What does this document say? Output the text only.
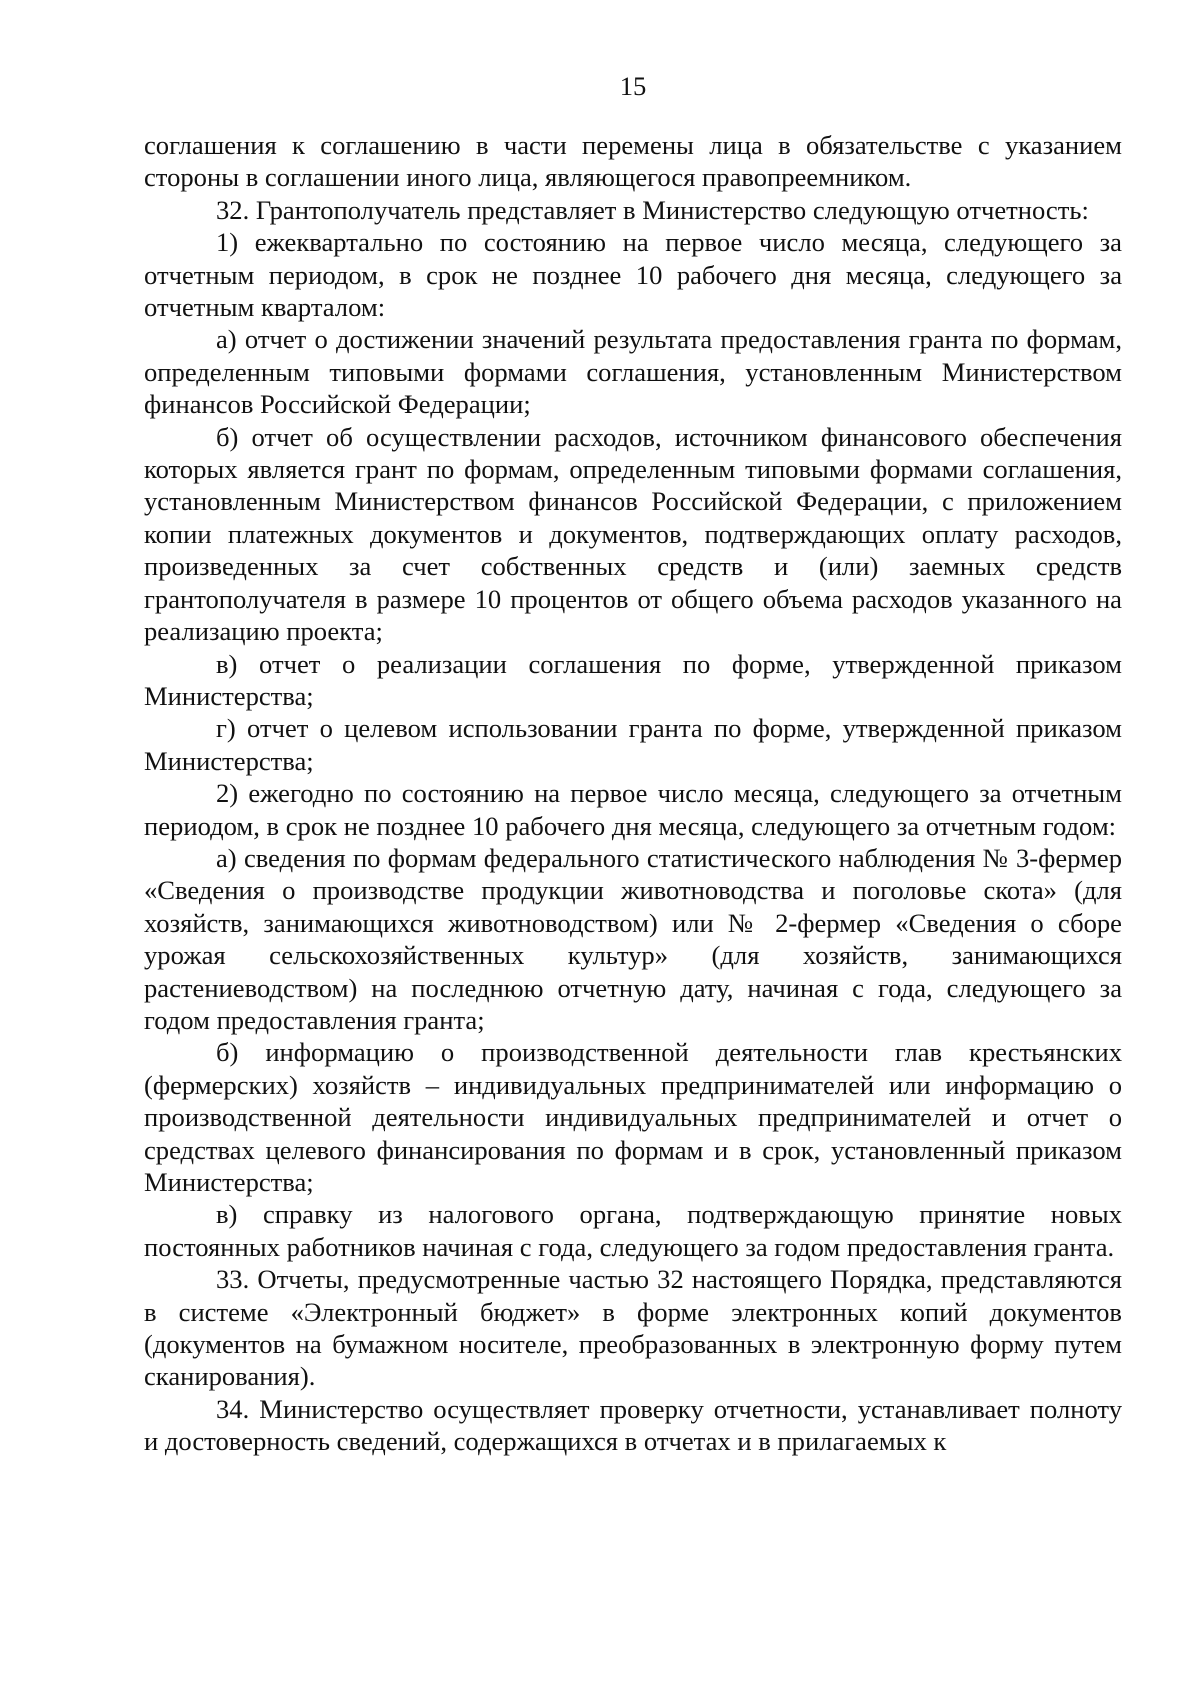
15

соглашения к соглашению в части перемены лица в обязательстве с указанием стороны в соглашении иного лица, являющегося правопреемником.

32. Грантополучатель представляет в Министерство следующую отчетность:

1) ежеквартально по состоянию на первое число месяца, следующего за отчетным периодом, в срок не позднее 10 рабочего дня месяца, следующего за отчетным кварталом:

а) отчет о достижении значений результата предоставления гранта по формам, определенным типовыми формами соглашения, установленным Министерством финансов Российской Федерации;

б) отчет об осуществлении расходов, источником финансового обеспечения которых является грант по формам, определенным типовыми формами соглашения, установленным Министерством финансов Российской Федерации, с приложением копии платежных документов и документов, подтверждающих оплату расходов, произведенных за счет собственных средств и (или) заемных средств грантополучателя в размере 10 процентов от общего объема расходов указанного на реализацию проекта;

в) отчет о реализации соглашения по форме, утвержденной приказом Министерства;

г) отчет о целевом использовании гранта по форме, утвержденной приказом Министерства;

2) ежегодно по состоянию на первое число месяца, следующего за отчетным периодом, в срок не позднее 10 рабочего дня месяца, следующего за отчетным годом:

а) сведения по формам федерального статистического наблюдения № 3-фермер «Сведения о производстве продукции животноводства и поголовье скота» (для хозяйств, занимающихся животноводством) или № 2-фермер «Сведения о сборе урожая сельскохозяйственных культур» (для хозяйств, занимающихся растениеводством) на последнюю отчетную дату, начиная с года, следующего за годом предоставления гранта;

б) информацию о производственной деятельности глав крестьянских (фермерских) хозяйств – индивидуальных предпринимателей или информацию о производственной деятельности индивидуальных предпринимателей и отчет о средствах целевого финансирования по формам и в срок, установленный приказом Министерства;

в) справку из налогового органа, подтверждающую принятие новых постоянных работников начиная с года, следующего за годом предоставления гранта.

33. Отчеты, предусмотренные частью 32 настоящего Порядка, представляются в системе «Электронный бюджет» в форме электронных копий документов (документов на бумажном носителе, преобразованных в электронную форму путем сканирования).

34. Министерство осуществляет проверку отчетности, устанавливает полноту и достоверность сведений, содержащихся в отчетах и в прилагаемых к
